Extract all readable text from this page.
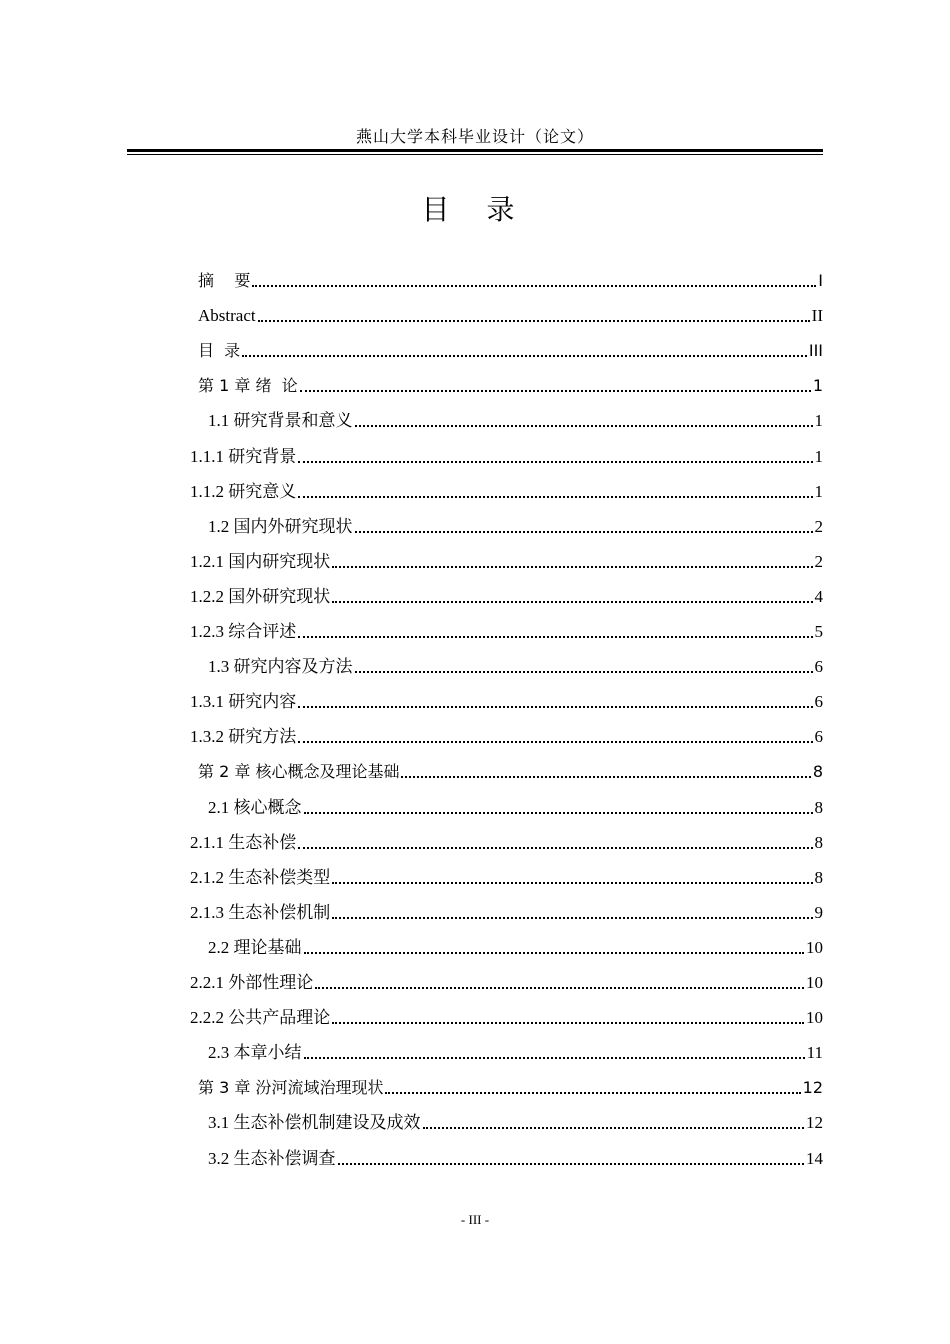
燕山大学本科毕业设计（论文）
目 录
摘    要	I
Abstract	II
目  录	III
第 1 章 绪  论	1
1.1 研究背景和意义	1
1.1.1 研究背景	1
1.1.2 研究意义	1
1.2 国内外研究现状	2
1.2.1 国内研究现状	2
1.2.2 国外研究现状	4
1.2.3 综合评述	5
1.3 研究内容及方法	6
1.3.1 研究内容	6
1.3.2 研究方法	6
第 2 章 核心概念及理论基础	8
2.1 核心概念	8
2.1.1 生态补偿	8
2.1.2 生态补偿类型	8
2.1.3 生态补偿机制	9
2.2 理论基础	10
2.2.1 外部性理论	10
2.2.2 公共产品理论	10
2.3 本章小结	11
第 3 章 汾河流域治理现状	12
3.1 生态补偿机制建设及成效	12
3.2 生态补偿调查	14
- III -
